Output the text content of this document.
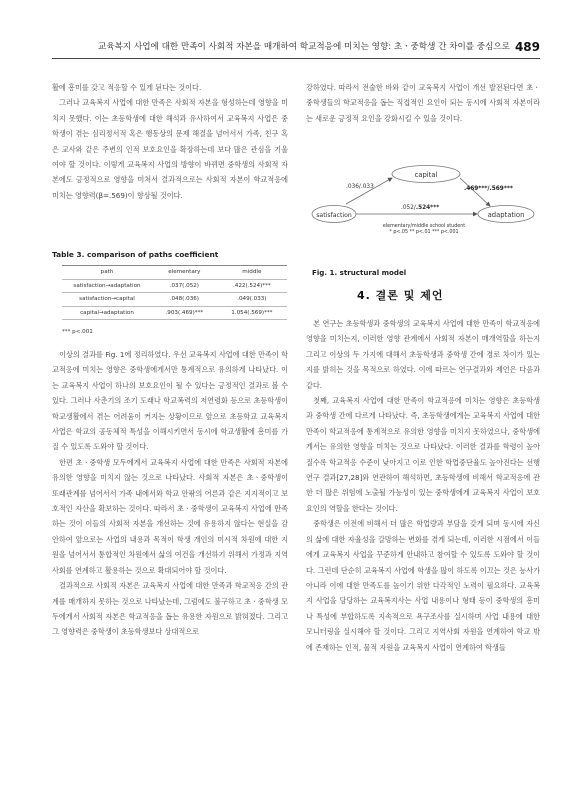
교육복지 사업에 대한 만족이 사회적 자본을 매개하여 학교적응에 미치는 영향: 초ㆍ중학생 간 차이를 중심으로 489

활에 흥미를 갖고 적응할 수 있게 된다는 것이다.

그러나 교육복지 사업에 대한 만족은 사회적 자본을 형성하는데 영향을 미치지 못했다. 이는 초등학생에 대한 해석과 유사하여서 교육복지 사업은 중학생이 겪는 심리정서적 혹은 행동상의 문제 해결을 넘어서서 가족, 친구 혹은 교사와 같은 주변의 인적 보호요인을 확장하는데 보다 많은 관심을 기울여야 할 것이다. 이렇게 교육복지 사업의 방향이 바뀌면 중학생의 사회적 자본에도 긍정적으로 영향을 미쳐서 결과적으로는 사회적 자본이 학교적응에 미치는 영향력(β=.569)이 향상될 것이다.

Table 3. comparison of paths coefficient
path	elementary	middle
satisfaction→adaptation	.037(.052)	.422(.524)***
satisfaction→capital	.048(.036)	.049(.033)
capital→adaptation	.903(.469)***	1.054(.569)***
*** p<.001

이상의 결과를 Fig. 1에 정리하였다. 우선 교육복지 사업에 대한 만족이 학교적응에 미치는 영향은 중학생에게서만 통계적으로 유의하게 나타났다. 이는 교육복지 사업이 하나의 보호요인이 될 수 있다는 긍정적인 결과로 볼 수 있다. 그러나 사춘기의 조기 도래나 학교폭력의 저연령화 등으로 초등학생이 학교생활에서 겪는 어려움이 커지는 상황이므로 앞으로 초등학교 교육복지 사업은 학교의 공동체적 특성을 이해시키면서 동시에 학교생활에 흥미를 가질 수 있도록 도와야 할 것이다.

한편 초ㆍ중학생 모두에게서 교육복지 사업에 대한 만족은 사회적 자본에 유의한 영향을 미치지 않는 것으로 나타났다. 사회적 자본은 초ㆍ중학생이 또래관계를 넘어서서 가족 내에서와 학교 안팎의 어른과 같은 지지적이고 보호적인 자산을 확보하는 것이다. 따라서 초ㆍ중학생이 교육복지 사업에 만족하는 것이 이들의 사회적 자본을 개선하는 것에 유용하지 않다는 현실을 감안하여 앞으로는 사업의 내용과 목적이 학생 개인의 미시적 차원에 대한 지원을 넘어서서 통합적인 차원에서 삶의 여건을 개선하기 위해서 가정과 지역사회를 연계하고 활용하는 것으로 확대되어야 할 것이다.

결과적으로 사회적 자본은 교육복지 사업에 대한 만족과 학교적응 간의 관계를 매개하지 못하는 것으로 나타났는데, 그럼에도 불구하고 초ㆍ중학생 모두에게서 사회적 자본은 학교적응을 돕는 유용한 자원으로 밝혀졌다. 그리고 그 영향력은 중학생이 초등학생보다 상대적으로

강하였다. 따라서 전술한 바와 같이 교육복지 사업이 개선 발전된다면 초ㆍ중학생들의 학교적응을 돕는 직접적인 요인이 되는 동시에 사회적 자본이라는 새로운 긍정적 요인을 강화시킬 수 있을 것이다.

capital
satisfaction	adaptation
.036/.033	.469***/.569***
.052/.524***
elementary/middle school student
* p<.05 ** p<.01 *** p<.001
Fig. 1. structural model
4. 결론 및 제언

본 연구는 초등학생과 중학생의 교육복지 사업에 대한 만족이 학교적응에 영향을 미치는지, 이러한 영향 관계에서 사회적 자본이 매개역할을 하는지 그리고 이상의 두 가지에 대해서 초등학생과 중학생 간에 경로 차이가 있는지를 밝히는 것을 목적으로 하였다. 이에 따르는 연구결과와 제언은 다음과 같다.

첫째, 교육복지 사업에 대한 만족이 학교적응에 미치는 영향은 초등학생과 중학생 간에 다르게 나타났다. 즉, 초등학생에게는 교육복지 사업에 대한 만족이 학교적응에 통계적으로 유의한 영향을 미치지 못하였으나, 중학생에게서는 유의한 영향을 미치는 것으로 나타났다. 이러한 결과를 학령이 높아질수록 학교적응 수준이 낮아지고 이로 인한 학업중단율도 높아진다는 선행연구 결과[27,28]와 연관하여 해석하면, 초등학생에 비해서 학교적응에 관한 더 많은 위험에 노출될 가능성이 있는 중학생에게 교육복지 사업이 보호요인의 역할을 한다는 것이다.

중학생은 이전에 비해서 더 많은 학업량과 부담을 갖게 되며 동시에 자신의 삶에 대한 자율성을 갈망하는 변화를 겪게 되는데, 이러한 시점에서 이들에게 교육복지 사업을 꾸준하게 안내하고 참여할 수 있도록 도와야 할 것이다. 그런데 단순히 교육복지 사업에 학생을 많이 하도록 이끄는 것은 능사가 아니라 이에 대한 만족도를 높이기 위한 다각적인 노력이 필요하다. 교육복지 사업을 담당하는 교육복지사는 사업 내용이나 형태 등이 중학생의 흥미나 특성에 부합하도록 지속적으로 욕구조사를 실시하며 사업 내용에 대한 모니터링을 실시해야 할 것이다. 그리고 지역사회 자원을 연계하여 학교 밖에 존재하는 인적, 물적 자원을 교육복지 사업이 연계하여 학생들
